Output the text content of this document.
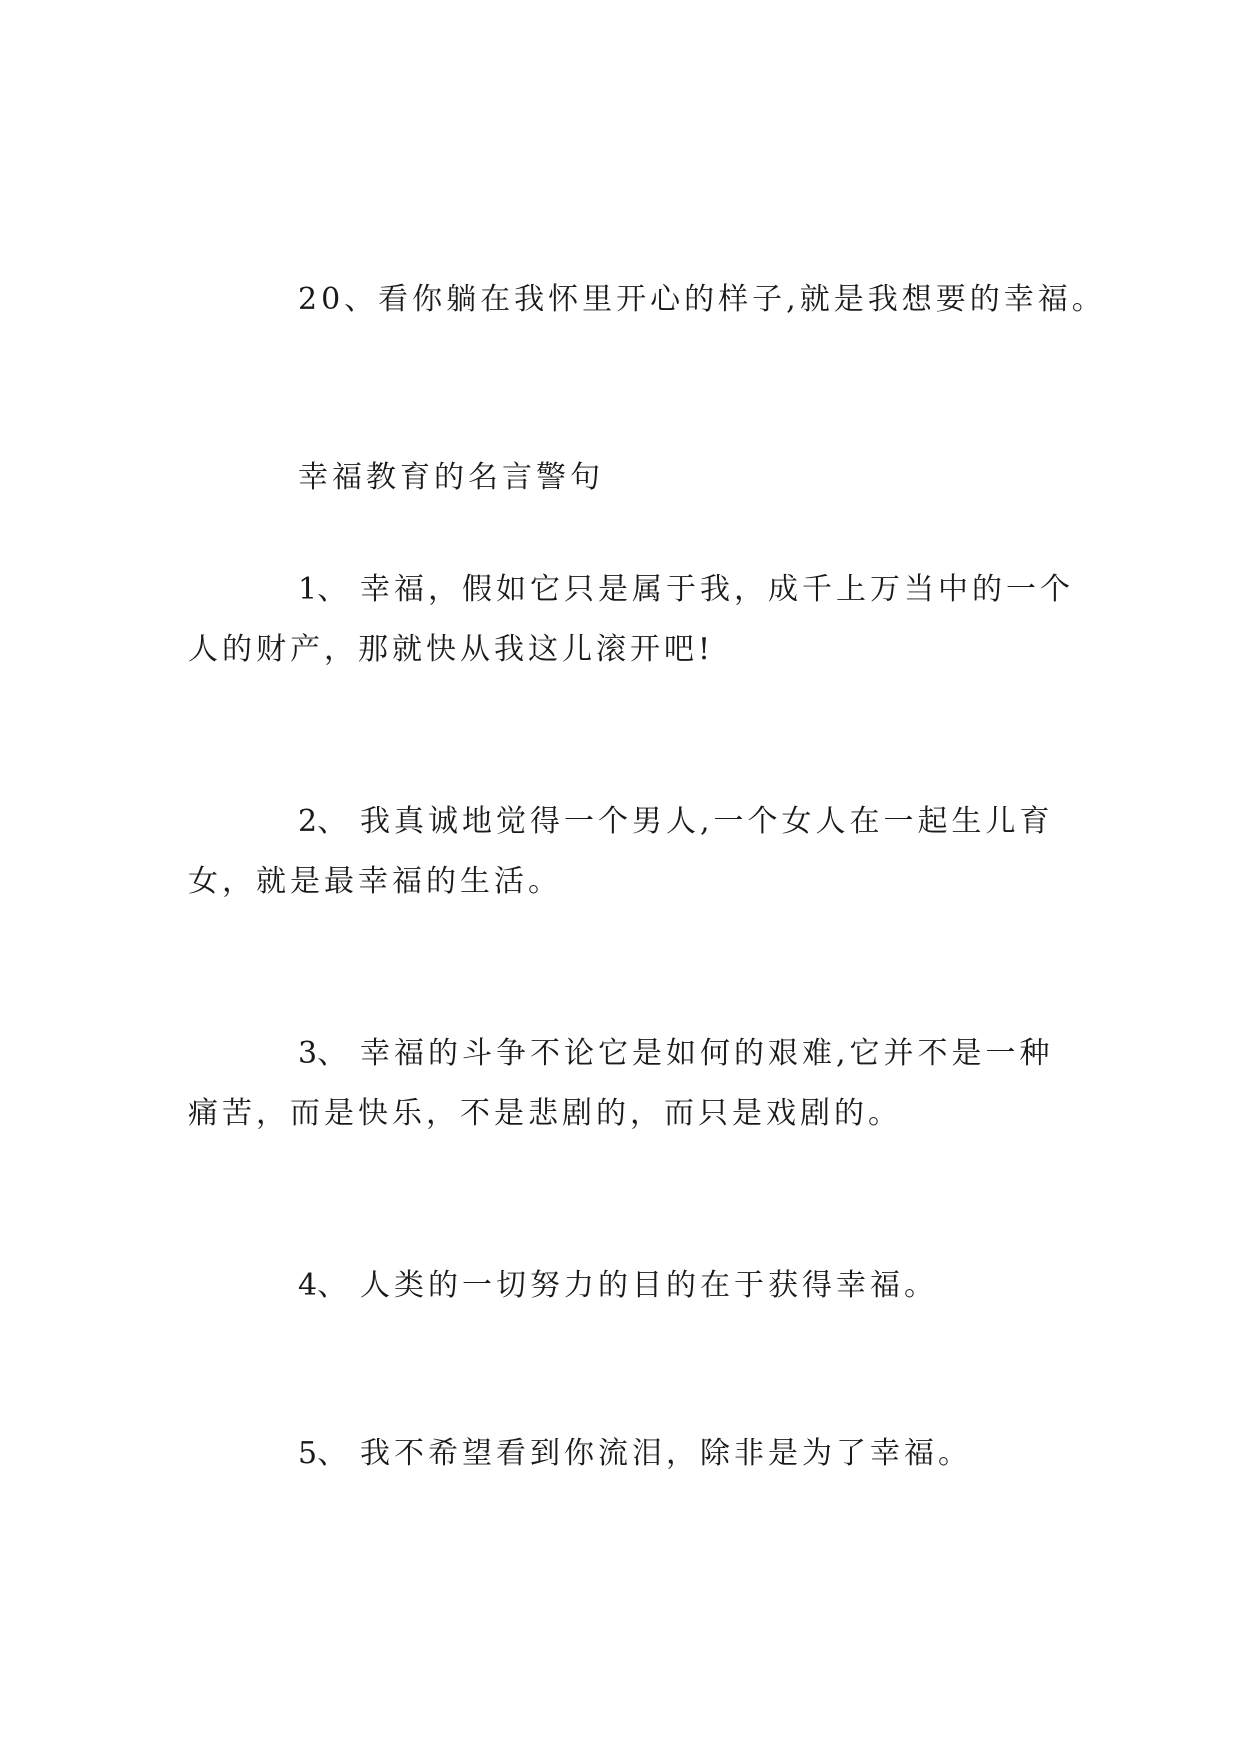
20、看你躺在我怀里开心的样子,就是我想要的幸福。
幸福教育的名言警句
1、 幸福，假如它只是属于我，成千上万当中的一个
人的财产，那就快从我这儿滚开吧!
2、 我真诚地觉得一个男人,一个女人在一起生儿育
女，就是最幸福的生活。
3、 幸福的斗争不论它是如何的艰难,它并不是一种
痛苦，而是快乐，不是悲剧的，而只是戏剧的。
4、 人类的一切努力的目的在于获得幸福。
5、 我不希望看到你流泪，除非是为了幸福。
